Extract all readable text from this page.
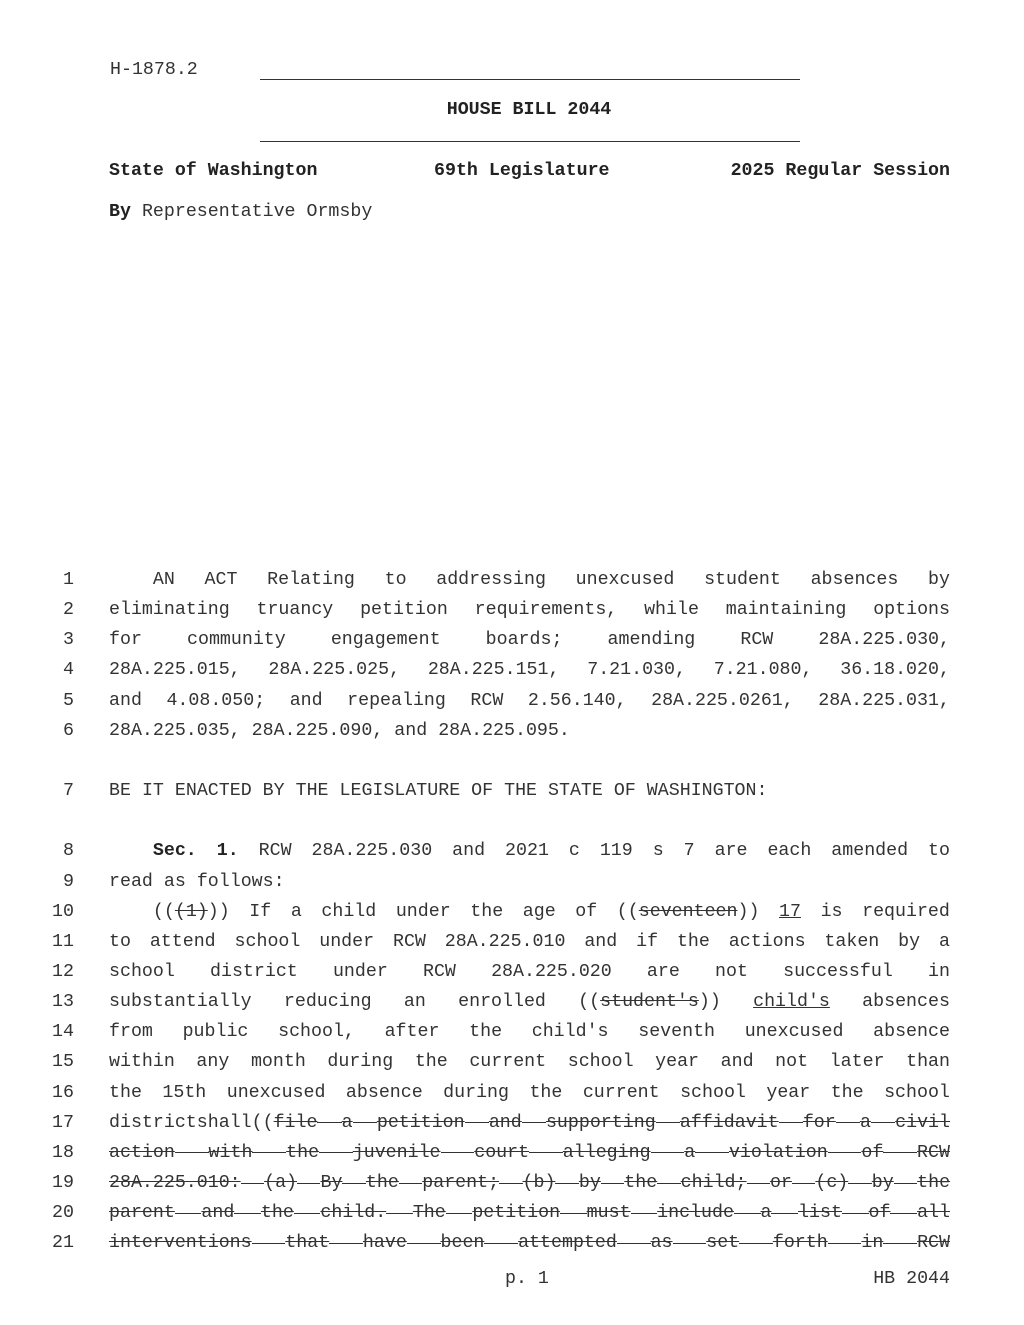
H-1878.2
HOUSE BILL 2044
State of Washington	69th Legislature	2025 Regular Session
By Representative Ormsby
1	AN ACT Relating to addressing unexcused student absences by
2 eliminating truancy petition requirements, while maintaining options
3 for community engagement boards; amending RCW 28A.225.030,
4 28A.225.015, 28A.225.025, 28A.225.151, 7.21.030, 7.21.080, 36.18.020,
5 and 4.08.050; and repealing RCW 2.56.140, 28A.225.0261, 28A.225.031,
6 28A.225.035, 28A.225.090, and 28A.225.095.
7 BE IT ENACTED BY THE LEGISLATURE OF THE STATE OF WASHINGTON:
8	Sec. 1. RCW 28A.225.030 and 2021 c 119 s 7 are each amended to
9 read as follows:
10	(((1))) If a child under the age of ((seventeen)) 17 is required
11 to attend school under RCW 28A.225.010 and if the actions taken by a
12 school district under RCW 28A.225.020 are not successful in
13 substantially reducing an enrolled ((student's)) child's absences
14 from public school, after the child's seventh unexcused absence
15 within any month during the current school year and not later than
16 the 15th unexcused absence during the current school year the school
17 district shall ((file a petition and supporting affidavit for a civil
18 action with the juvenile court alleging a violation of RCW
19 28A.225.010: (a) By the parent; (b) by the child; or (c) by the
20 parent and the child. The petition must include a list of all
21 interventions that have been attempted as set forth in RCW
p. 1	HB 2044
